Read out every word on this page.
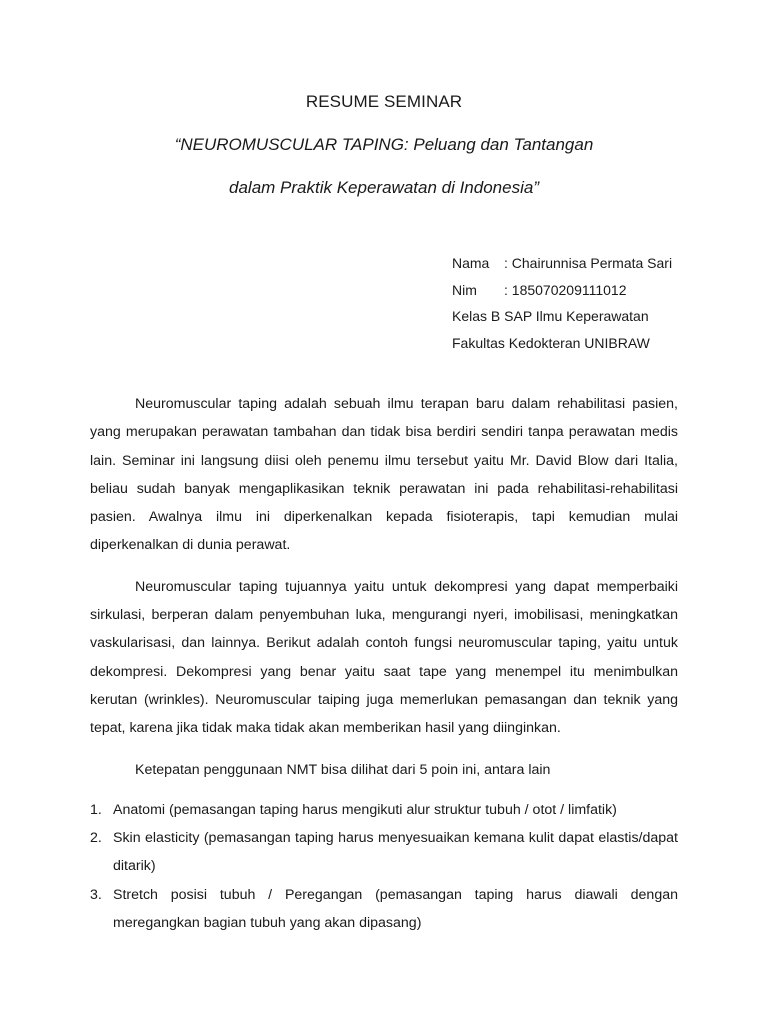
RESUME SEMINAR
“NEUROMUSCULAR TAPING: Peluang dan Tantangan
dalam Praktik Keperawatan di Indonesia”
Nama : Chairunnisa Permata Sari
Nim : 185070209111012
Kelas B SAP Ilmu Keperawatan
Fakultas Kedokteran UNIBRAW

Neuromuscular taping adalah sebuah ilmu terapan baru dalam rehabilitasi pasien, yang merupakan perawatan tambahan dan tidak bisa berdiri sendiri tanpa perawatan medis lain. Seminar ini langsung diisi oleh penemu ilmu tersebut yaitu Mr. David Blow dari Italia, beliau sudah banyak mengaplikasikan teknik perawatan ini pada rehabilitasi-rehabilitasi pasien. Awalnya ilmu ini diperkenalkan kepada fisioterapis, tapi kemudian mulai diperkenalkan di dunia perawat.

Neuromuscular taping tujuannya yaitu untuk dekompresi yang dapat memperbaiki sirkulasi, berperan dalam penyembuhan luka, mengurangi nyeri, imobilisasi, meningkatkan vaskularisasi, dan lainnya. Berikut adalah contoh fungsi neuromuscular taping, yaitu untuk dekompresi. Dekompresi yang benar yaitu saat tape yang menempel itu menimbulkan kerutan (wrinkles). Neuromuscular taiping juga memerlukan pemasangan dan teknik yang tepat, karena jika tidak maka tidak akan memberikan hasil yang diinginkan.

Ketepatan penggunaan NMT bisa dilihat dari 5 poin ini, antara lain

1. Anatomi (pemasangan taping harus mengikuti alur struktur tubuh / otot / limfatik)
2. Skin elasticity (pemasangan taping harus menyesuaikan kemana kulit dapat elastis/dapat ditarik)
3. Stretch posisi tubuh / Peregangan (pemasangan taping harus diawali dengan meregangkan bagian tubuh yang akan dipasang)
